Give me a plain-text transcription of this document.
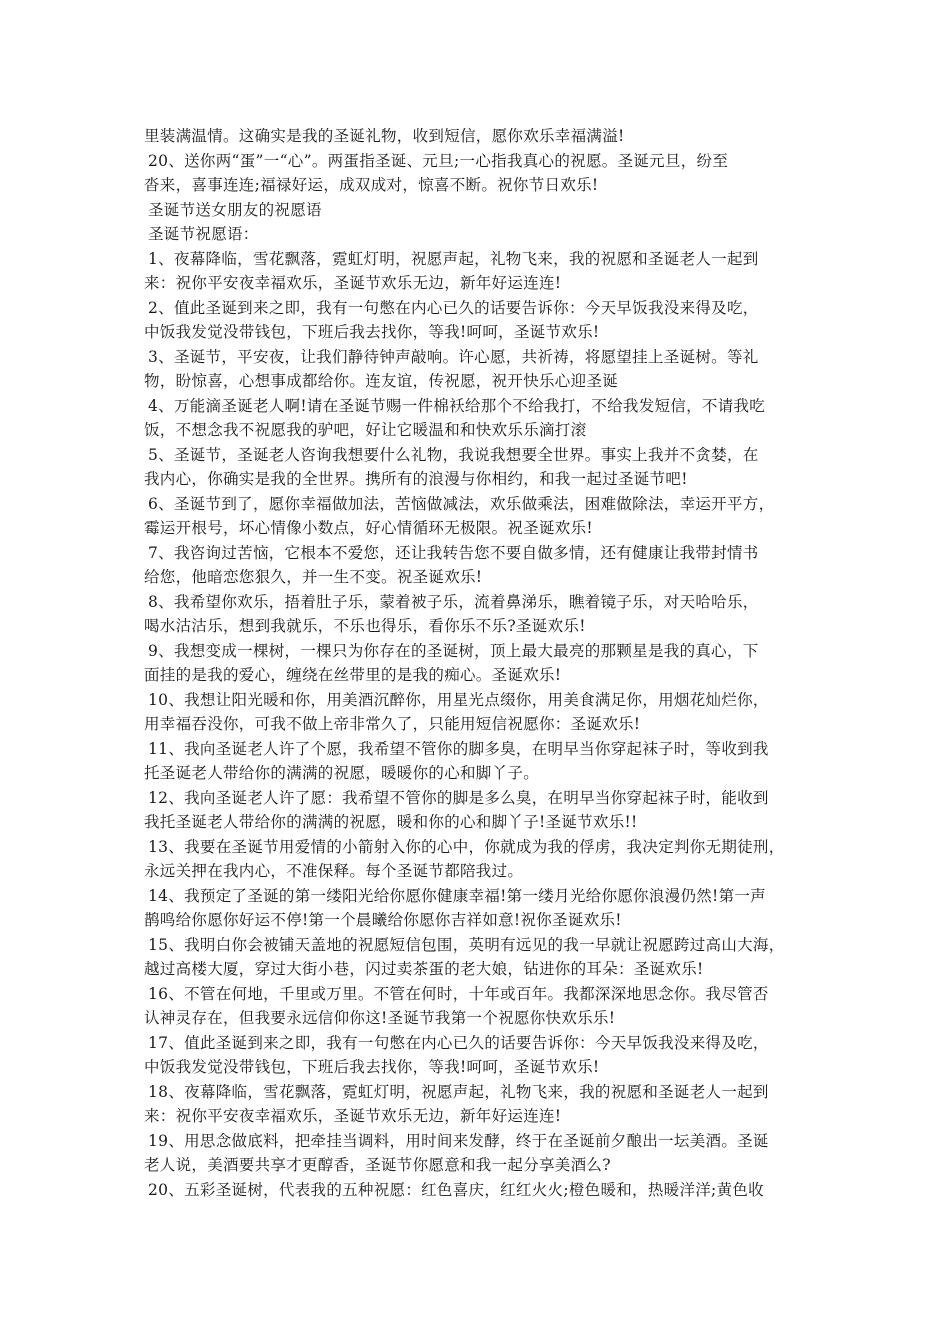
里装满温情。这确实是我的圣诞礼物，收到短信，愿你欢乐幸福满溢!
20、送你两“蛋”一“心”。两蛋指圣诞、元旦;一心指我真心的祝愿。圣诞元旦，纷至
沓来，喜事连连;福禄好运，成双成对，惊喜不断。祝你节日欢乐!
圣诞节送女朋友的祝愿语
圣诞节祝愿语：
1、夜幕降临，雪花飘落，霓虹灯明，祝愿声起，礼物飞来，我的祝愿和圣诞老人一起到
来：祝你平安夜幸福欢乐，圣诞节欢乐无边，新年好运连连!
2、值此圣诞到来之即，我有一句憋在内心已久的话要告诉你：今天早饭我没来得及吃，
中饭我发觉没带钱包，下班后我去找你，等我!呵呵，圣诞节欢乐!
3、圣诞节，平安夜，让我们静待钟声敲响。许心愿，共祈祷，将愿望挂上圣诞树。等礼
物，盼惊喜，心想事成都给你。连友谊，传祝愿，祝开快乐心迎圣诞
4、万能滴圣诞老人啊!请在圣诞节赐一件棉袄给那个不给我打，不给我发短信，不请我吃
饭，不想念我不祝愿我的驴吧，好让它暖温和和快欢乐乐滴打滚
5、圣诞节，圣诞老人咨询我想要什么礼物，我说我想要全世界。事实上我并不贪婪，在
我内心，你确实是我的全世界。携所有的浪漫与你相约，和我一起过圣诞节吧!
6、圣诞节到了，愿你幸福做加法，苦恼做减法，欢乐做乘法，困难做除法，幸运开平方，
霉运开根号，坏心情像小数点，好心情循环无极限。祝圣诞欢乐!
7、我咨询过苦恼，它根本不爱您，还让我转告您不要自做多情，还有健康让我带封情书
给您，他暗恋您狠久，并一生不变。祝圣诞欢乐!
8、我希望你欢乐，捂着肚子乐，蒙着被子乐，流着鼻涕乐，瞧着镜子乐，对天哈哈乐，
喝水沽沽乐，想到我就乐，不乐也得乐，看你乐不乐?圣诞欢乐!
9、我想变成一棵树，一棵只为你存在的圣诞树，顶上最大最亮的那颗星是我的真心，下
面挂的是我的爱心，缠绕在丝带里的是我的痴心。圣诞欢乐!
10、我想让阳光暖和你，用美酒沉醉你，用星光点缀你，用美食满足你，用烟花灿烂你，
用幸福吞没你，可我不做上帝非常久了，只能用短信祝愿你：圣诞欢乐!
11、我向圣诞老人许了个愿，我希望不管你的脚多臭，在明早当你穿起袜子时，等收到我
托圣诞老人带给你的满满的祝愿，暖暖你的心和脚丫子。
12、我向圣诞老人许了愿：我希望不管你的脚是多么臭，在明早当你穿起袜子时，能收到
我托圣诞老人带给你的满满的祝愿，暖和你的心和脚丫子!圣诞节欢乐!!
13、我要在圣诞节用爱情的小箭射入你的心中，你就成为我的俘虏，我决定判你无期徒刑，
永远关押在我内心，不准保释。每个圣诞节都陪我过。
14、我预定了圣诞的第一缕阳光给你愿你健康幸福!第一缕月光给你愿你浪漫仍然!第一声
鹊鸣给你愿你好运不停!第一个晨曦给你愿你吉祥如意!祝你圣诞欢乐!
15、我明白你会被铺天盖地的祝愿短信包围，英明有远见的我一早就让祝愿跨过高山大海，
越过高楼大厦，穿过大街小巷，闪过卖茶蛋的老大娘，钻进你的耳朵：圣诞欢乐!
16、不管在何地，千里或万里。不管在何时，十年或百年。我都深深地思念你。我尽管否
认神灵存在，但我要永远信仰你这!圣诞节我第一个祝愿你快欢乐乐!
17、值此圣诞到来之即，我有一句憋在内心已久的话要告诉你：今天早饭我没来得及吃，
中饭我发觉没带钱包，下班后我去找你，等我!呵呵，圣诞节欢乐!
18、夜幕降临，雪花飘落，霓虹灯明，祝愿声起，礼物飞来，我的祝愿和圣诞老人一起到
来：祝你平安夜幸福欢乐，圣诞节欢乐无边，新年好运连连!
19、用思念做底料，把牵挂当调料，用时间来发酵，终于在圣诞前夕酿出一坛美酒。圣诞
老人说，美酒要共享才更醇香，圣诞节你愿意和我一起分享美酒么?
20、五彩圣诞树，代表我的五种祝愿：红色喜庆，红红火火;橙色暖和，热暖洋洋;黄色收
